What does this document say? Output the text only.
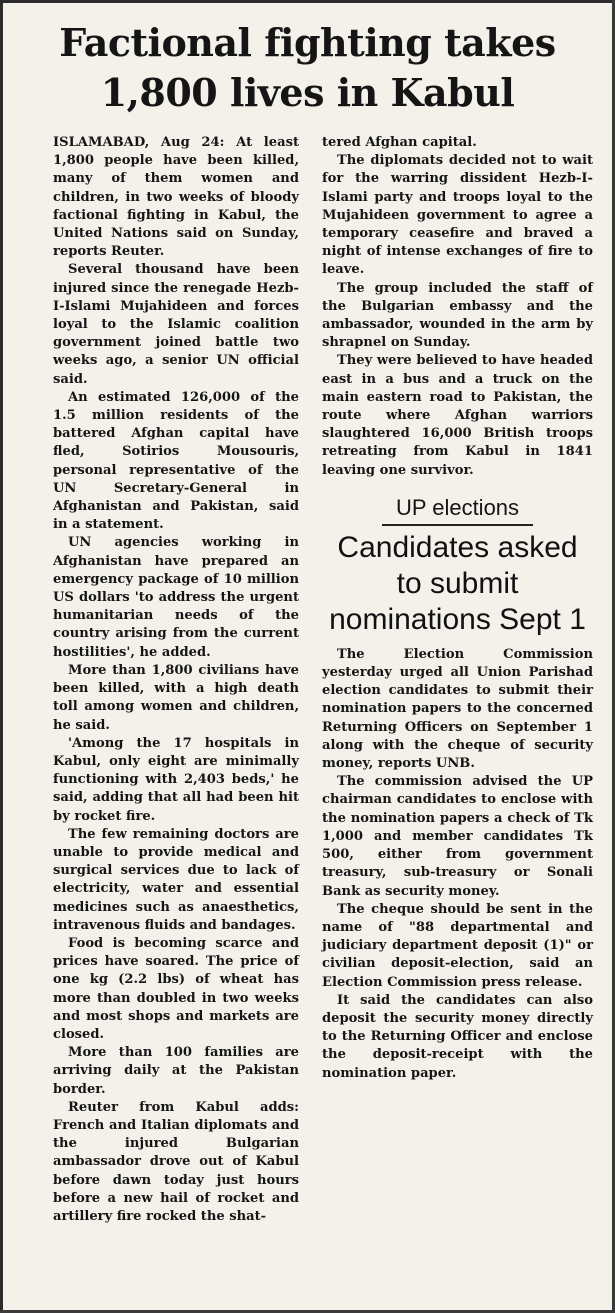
Factional fighting takes 1,800 lives in Kabul

ISLAMABAD, Aug 24: At least 1,800 people have been killed, many of them women and children, in two weeks of bloody factional fighting in Kabul, the United Nations said on Sunday, reports Reuter.

Several thousand have been injured since the renegade Hezb-I-Islami Mujahideen and forces loyal to the Islamic coalition government joined battle two weeks ago, a senior UN official said.

An estimated 126,000 of the 1.5 million residents of the battered Afghan capital have fled, Sotirios Mousouris, personal representative of the UN Secretary-General in Afghanistan and Pakistan, said in a statement.

UN agencies working in Afghanistan have prepared an emergency package of 10 million US dollars 'to address the urgent humanitarian needs of the country arising from the current hostilities', he added.

More than 1,800 civilians have been killed, with a high death toll among women and children, he said.

'Among the 17 hospitals in Kabul, only eight are minimally functioning with 2,403 beds,' he said, adding that all had been hit by rocket fire.

The few remaining doctors are unable to provide medical and surgical services due to lack of electricity, water and essential medicines such as anaesthetics, intravenous fluids and bandages.

Food is becoming scarce and prices have soared. The price of one kg (2.2 lbs) of wheat has more than doubled in two weeks and most shops and markets are closed.

More than 100 families are arriving daily at the Pakistan border.

Reuter from Kabul adds: French and Italian diplomats and the injured Bulgarian ambassador drove out of Kabul before dawn today just hours before a new hail of rocket and artillery fire rocked the shat-

tered Afghan capital.

The diplomats decided not to wait for the warring dissident Hezb-I-Islami party and troops loyal to the Mujahideen government to agree a temporary ceasefire and braved a night of intense exchanges of fire to leave.

The group included the staff of the Bulgarian embassy and the ambassador, wounded in the arm by shrapnel on Sunday.

They were believed to have headed east in a bus and a truck on the main eastern road to Pakistan, the route where Afghan warriors slaughtered 16,000 British troops retreating from Kabul in 1841 leaving one survivor.

UP elections
Candidates asked to submit nominations Sept 1

The Election Commission yesterday urged all Union Parishad election candidates to submit their nomination papers to the concerned Returning Officers on September 1 along with the cheque of security money, reports UNB.

The commission advised the UP chairman candidates to enclose with the nomination papers a check of Tk 1,000 and member candidates Tk 500, either from government treasury, sub-treasury or Sonali Bank as security money.

The cheque should be sent in the name of "88 departmental and judiciary department deposit (1)" or civilian deposit-election, said an Election Commission press release.

It said the candidates can also deposit the security money directly to the Returning Officer and enclose the deposit-receipt with the nomination paper.
